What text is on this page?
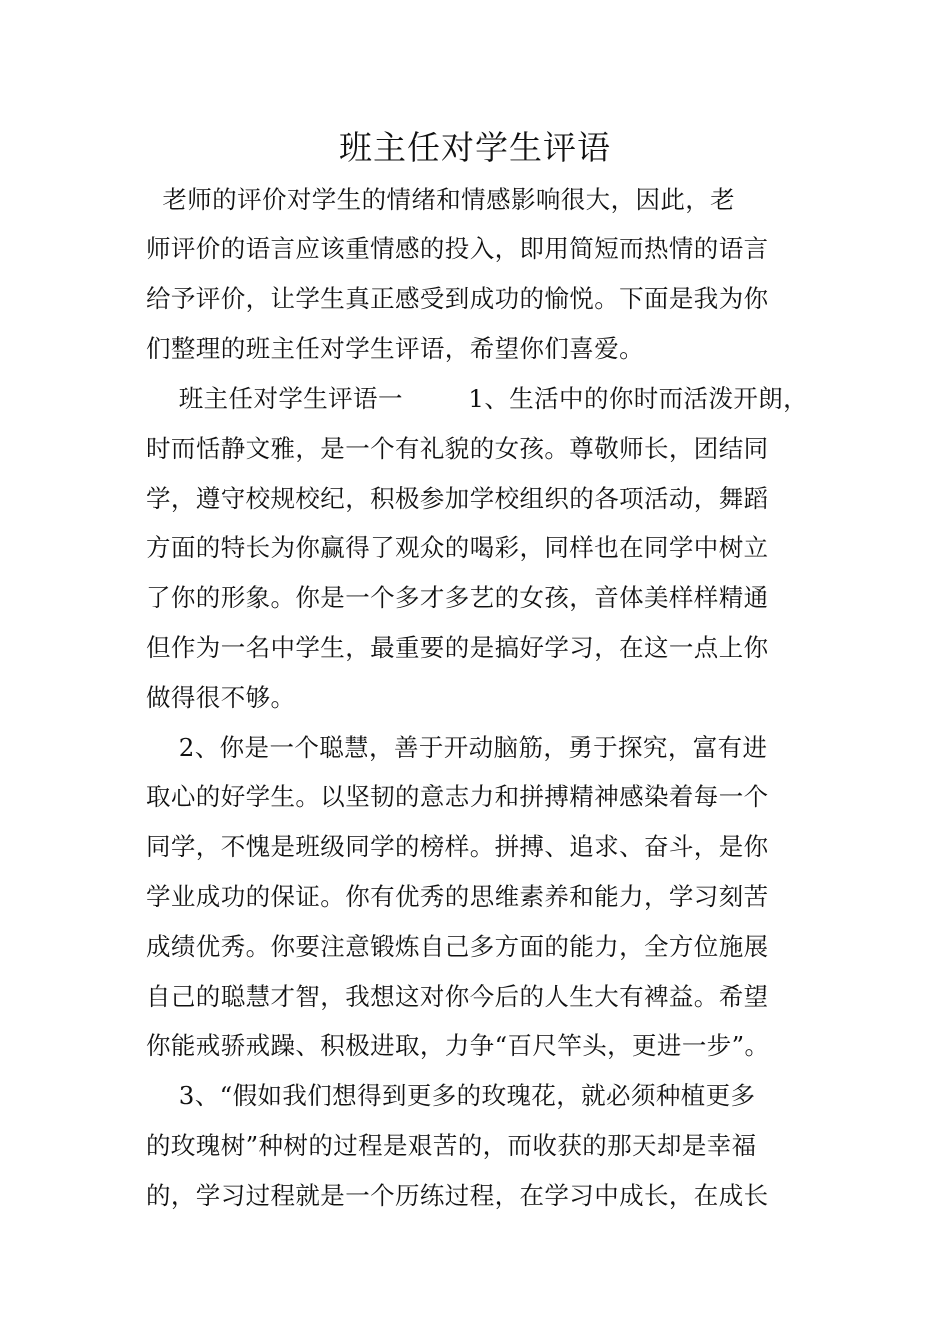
班主任对学生评语
老师的评价对学生的情绪和情感影响很大，因此，老
师评价的语言应该重情感的投入，即用简短而热情的语言
给予评价，让学生真正感受到成功的愉悦。下面是我为你
们整理的班主任对学生评语，希望你们喜爱。
班主任对学生评语一        1、生活中的你时而活泼开朗，
时而恬静文雅，是一个有礼貌的女孩。尊敬师长，团结同
学，遵守校规校纪，积极参加学校组织的各项活动，舞蹈
方面的特长为你赢得了观众的喝彩，同样也在同学中树立
了你的形象。你是一个多才多艺的女孩，音体美样样精通
但作为一名中学生，最重要的是搞好学习，在这一点上你
做得很不够。
2、你是一个聪慧，善于开动脑筋，勇于探究，富有进
取心的好学生。以坚韧的意志力和拼搏精神感染着每一个
同学，不愧是班级同学的榜样。拼搏、追求、奋斗，是你
学业成功的保证。你有优秀的思维素养和能力，学习刻苦
成绩优秀。你要注意锻炼自己多方面的能力，全方位施展
自己的聪慧才智，我想这对你今后的人生大有裨益。希望
你能戒骄戒躁、积极进取，力争“百尺竿头，更进一步”。
3、“假如我们想得到更多的玫瑰花，就必须种植更多
的玫瑰树”种树的过程是艰苦的，而收获的那天却是幸福
的，学习过程就是一个历练过程，在学习中成长，在成长
